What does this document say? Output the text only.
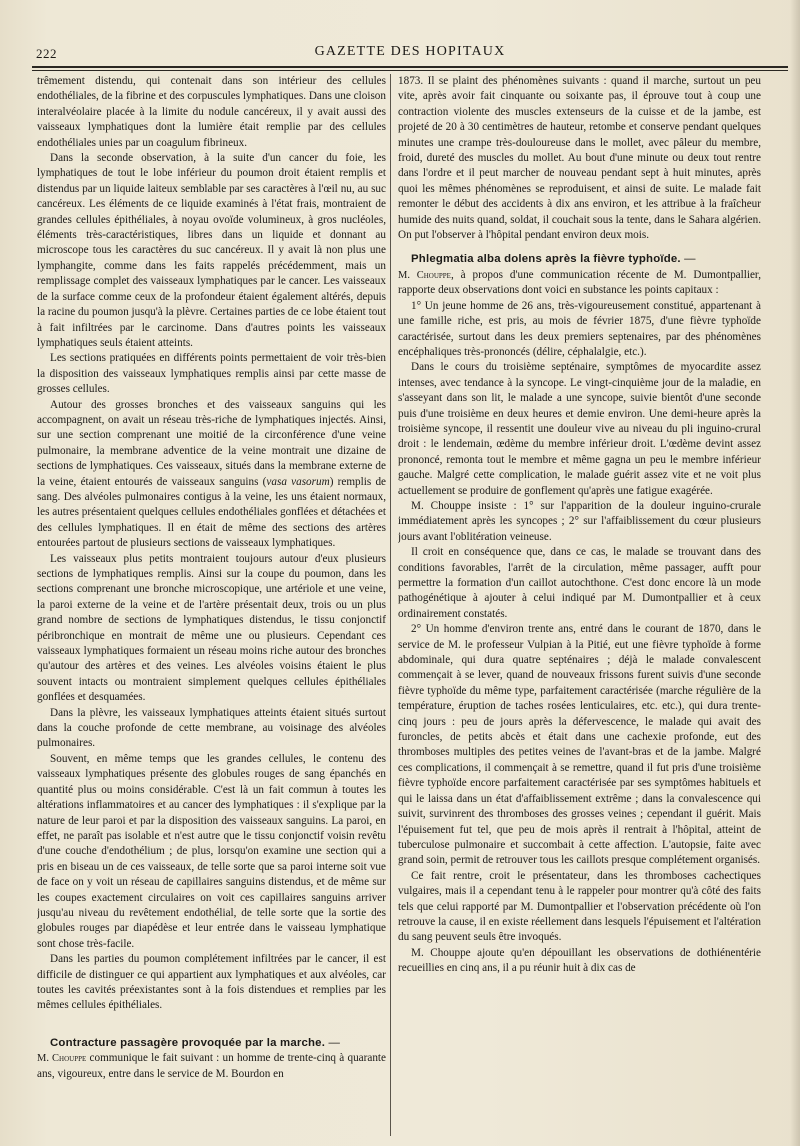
222	GAZETTE DES HOPITAUX

trêmement distendu, qui contenait dans son intérieur des cellules endothéliales, de la fibrine et des corpuscules lymphatiques. Dans une cloison interalvéolaire placée à la limite du nodule cancéreux, il y avait aussi des vaisseaux lymphatiques dont la lumière était remplie par des cellules endothéliales unies par un coagulum fibrineux.

Dans la seconde observation, à la suite d'un cancer du foie, les lymphatiques de tout le lobe inférieur du poumon droit étaient remplis et distendus par un liquide laiteux semblable par ses caractères à l'œil nu, au suc cancéreux. Les éléments de ce liquide examinés à l'état frais, montraient de grandes cellules épithéliales, à noyau ovoïde volumineux, à gros nucléoles, éléments très-caractéristiques, libres dans un liquide et donnant au microscope tous les caractères du suc cancéreux. Il y avait là non plus une lymphangite, comme dans les faits rappelés précédemment, mais un remplissage complet des vaisseaux lymphatiques par le cancer. Les vaisseaux de la surface comme ceux de la profondeur étaient également altérés, depuis la racine du poumon jusqu'à la plèvre. Certaines parties de ce lobe étaient tout à fait infiltrées par le carcinome. Dans d'autres points les vaisseaux lymphatiques seuls étaient atteints.

Les sections pratiquées en différents points permettaient de voir très-bien la disposition des vaisseaux lymphatiques remplis ainsi par cette masse de grosses cellules.

Autour des grosses bronches et des vaisseaux sanguins qui les accompagnent, on avait un réseau très-riche de lymphatiques injectés. Ainsi, sur une section comprenant une moitié de la circonférence d'une veine pulmonaire, la membrane adventice de la veine montrait une dizaine de sections de lymphatiques. Ces vaisseaux, situés dans la membrane externe de la veine, étaient entourés de vaisseaux sanguins (vasa vasorum) remplis de sang. Des alvéoles pulmonaires contigus à la veine, les uns étaient normaux, les autres présentaient quelques cellules endothéliales gonflées et détachées et des cellules lymphatiques. Il en était de même des sections des artères entourées partout de plusieurs sections de vaisseaux lymphatiques.

Les vaisseaux plus petits montraient toujours autour d'eux plusieurs sections de lymphatiques remplis. Ainsi sur la coupe du poumon, dans les sections comprenant une bronche microscopique, une artériole et une veine, la paroi externe de la veine et de l'artère présentait deux, trois ou un plus grand nombre de sections de lymphatiques distendus, le tissu conjonctif péribronchique en montrait de même une ou plusieurs. Cependant ces vaisseaux lymphatiques formaient un réseau moins riche autour des bronches qu'autour des artères et des veines. Les alvéoles voisins étaient le plus souvent intacts ou montraient simplement quelques cellules épithéliales gonflées et desquamées.

Dans la plèvre, les vaisseaux lymphatiques atteints étaient situés surtout dans la couche profonde de cette membrane, au voisinage des alvéoles pulmonaires.

Souvent, en même temps que les grandes cellules, le contenu des vaisseaux lymphatiques présente des globules rouges de sang épanchés en quantité plus ou moins considérable. C'est là un fait commun à toutes les altérations inflammatoires et au cancer des lymphatiques : il s'explique par la nature de leur paroi et par la disposition des vaisseaux sanguins. La paroi, en effet, ne paraît pas isolable et n'est autre que le tissu conjonctif voisin revêtu d'une couche d'endothélium ; de plus, lorsqu'on examine une section qui a pris en biseau un de ces vaisseaux, de telle sorte que sa paroi interne soit vue de face on y voit un réseau de capillaires sanguins distendus, et de même sur les coupes exactement circulaires on voit ces capillaires sanguins arriver jusqu'au niveau du revêtement endothélial, de telle sorte que la sortie des globules rouges par diapédèse et leur entrée dans le vaisseau lymphatique sont chose très-facile.

Dans les parties du poumon complétement infiltrées par le cancer, il est difficile de distinguer ce qui appartient aux lymphatiques et aux alvéoles, car toutes les cavités préexistantes sont à la fois distendues et remplies par les mêmes cellules épithéliales.

Contracture passagère provoquée par la marche. —

M. Chouppe communique le fait suivant : un homme de trente-cinq à quarante ans, vigoureux, entre dans le service de M. Bourdon en

1873. Il se plaint des phénomènes suivants : quand il marche, surtout un peu vite, après avoir fait cinquante ou soixante pas, il éprouve tout à coup une contraction violente des muscles extenseurs de la cuisse et de la jambe, est projeté de 20 à 30 centimètres de hauteur, retombe et conserve pendant quelques minutes une crampe très-douloureuse dans le mollet, avec pâleur du membre, froid, dureté des muscles du mollet. Au bout d'une minute ou deux tout rentre dans l'ordre et il peut marcher de nouveau pendant sept à huit minutes, après quoi les mêmes phénomènes se reproduisent, et ainsi de suite. Le malade fait remonter le début des accidents à dix ans environ, et les attribue à la fraîcheur humide des nuits quand, soldat, il couchait sous la tente, dans le Sahara algérien. On put l'observer à l'hôpital pendant environ deux mois.

Phlegmatia alba dolens après la fièvre typhoïde. —

M. Chouppe, à propos d'une communication récente de M. Dumontpallier, rapporte deux observations dont voici en substance les points capitaux :

1° Un jeune homme de 26 ans, très-vigoureusement constitué, appartenant à une famille riche, est pris, au mois de février 1875, d'une fièvre typhoïde caractérisée, surtout dans les deux premiers septenaires, par des phénomènes encéphaliques très-prononcés (délire, céphalalgie, etc.).

Dans le cours du troisième septénaire, symptômes de myocardite assez intenses, avec tendance à la syncope. Le vingt-cinquième jour de la maladie, en s'asseyant dans son lit, le malade a une syncope, suivie bientôt d'une seconde puis d'une troisième en deux heures et demie environ. Une demi-heure après la troisième syncope, il ressentit une douleur vive au niveau du pli inguino-crural droit : le lendemain, œdème du membre inférieur droit. L'œdème devint assez prononcé, remonta tout le membre et même gagna un peu le membre inférieur gauche. Malgré cette complication, le malade guérit assez vite et ne voit plus actuellement se produire de gonflement qu'après une fatigue exagérée.

M. Chouppe insiste : 1° sur l'apparition de la douleur inguino-crurale immédiatement après les syncopes ; 2° sur l'affaiblissement du cœur plusieurs jours avant l'oblitération veineuse.

Il croit en conséquence que, dans ce cas, le malade se trouvant dans des conditions favorables, l'arrêt de la circulation, même passager, aufft pour permettre la formation d'un caillot autochthone. C'est donc encore là un mode pathogénétique à ajouter à celui indiqué par M. Dumontpallier et à ceux ordinairement constatés.

2° Un homme d'environ trente ans, entré dans le courant de 1870, dans le service de M. le professeur Vulpian à la Pitié, eut une fièvre typhoïde à forme abdominale, qui dura quatre septénaires ; déjà le malade convalescent commençait à se lever, quand de nouveaux frissons furent suivis d'une seconde fièvre typhoïde du même type, parfaitement caractérisée (marche régulière de la température, éruption de taches rosées lenticulaires, etc. etc.), qui dura trente-cinq jours : peu de jours après la défervescence, le malade qui avait des furoncles, de petits abcès et était dans une cachexie profonde, eut des thromboses multiples des petites veines de l'avant-bras et de la jambe. Malgré ces complications, il commençait à se remettre, quand il fut pris d'une troisième fièvre typhoïde encore parfaitement caractérisée par ses symptômes habituels et qui le laissa dans un état d'affaiblissement extrême ; dans la convalescence qui suivit, survinrent des thromboses des grosses veines ; cependant il guérit. Mais l'épuisement fut tel, que peu de mois après il rentrait à l'hôpital, atteint de tuberculose pulmonaire et succombait à cette affection. L'autopsie, faite avec grand soin, permit de retrouver tous les caillots presque complétement organisés.

Ce fait rentre, croit le présentateur, dans les thromboses cachectiques vulgaires, mais il a cependant tenu à le rappeler pour montrer qu'à côté des faits tels que celui rapporté par M. Dumontpallier et l'observation précédente où l'on retrouve la cause, il en existe réellement dans lesquels l'épuisement et l'altération du sang peuvent seuls être invoqués.

M. Chouppe ajoute qu'en dépouillant les observations de dothiénentérie recueillies en cinq ans, il a pu réunir huit à dix cas de
